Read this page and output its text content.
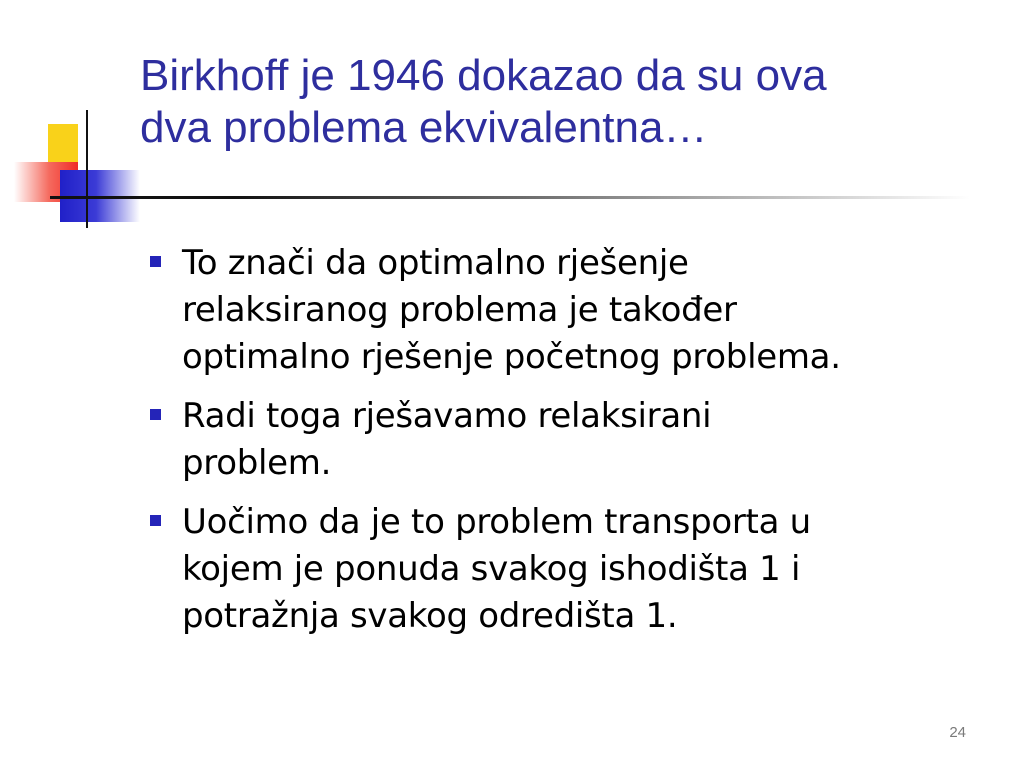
Birkhoff je 1946 dokazao da su ova
dva problema ekvivalentna…
To znači da optimalno rješenje
relaksiranog problema je također
optimalno rješenje početnog problema.
Radi toga rješavamo relaksirani
problem.
Uočimo da je to problem transporta u
kojem je ponuda svakog ishodišta 1 i
potražnja svakog odredišta 1.
24
